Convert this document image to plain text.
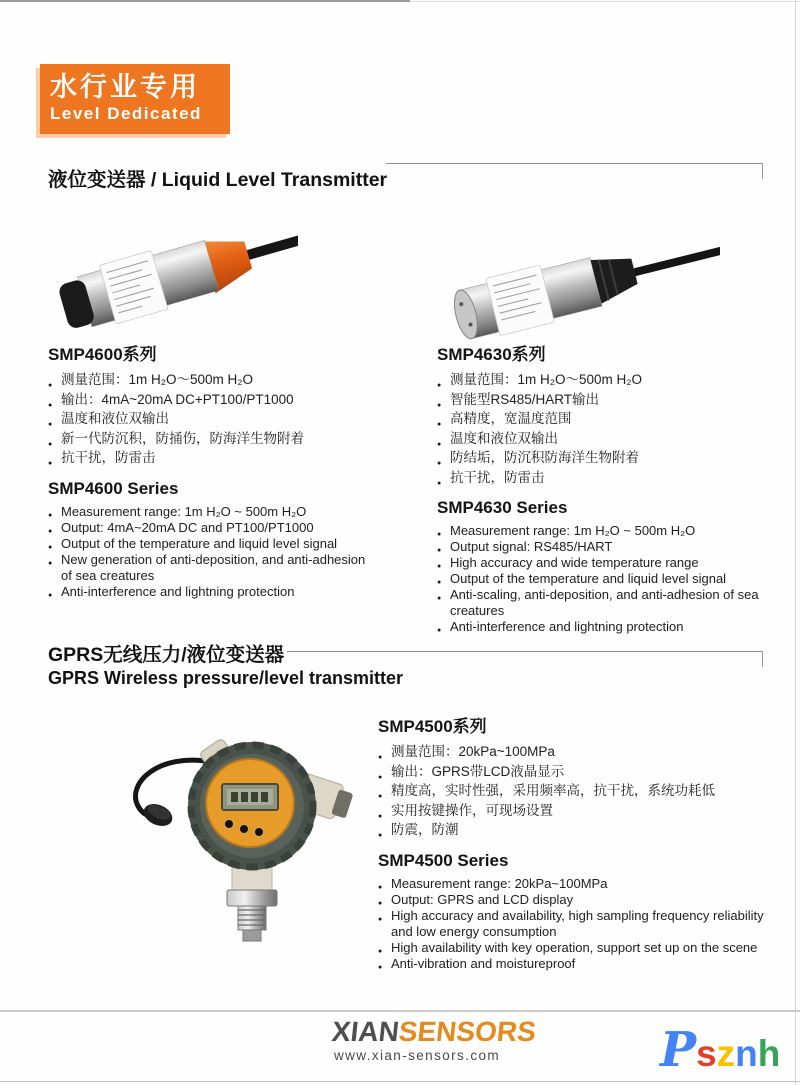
水行业专用
Level Dedicated
液位变送器 / Liquid Level Transmitter
SMP4600系列
● 测量范围：1m H₂O～500m H₂O
● 输出：4mA~20mA DC+PT100/PT1000
● 温度和液位双输出
● 新一代防沉积，防捅伤，防海洋生物附着
● 抗干扰，防雷击
SMP4600 Series
● Measurement range: 1m H₂O ~ 500m H₂O
● Output: 4mA~20mA DC and PT100/PT1000
● Output of the temperature and liquid level signal
● New generation of anti-deposition, and anti-adhesion of sea creatures
● Anti-interference and lightning protection
SMP4630系列
● 测量范围：1m H₂O～500m H₂O
● 智能型RS485/HART输出
● 高精度，宽温度范围
● 温度和液位双输出
● 防结垢，防沉积防海洋生物附着
● 抗干扰，防雷击
SMP4630 Series
● Measurement range: 1m H₂O ~ 500m H₂O
● Output signal: RS485/HART
● High accuracy and wide temperature range
● Output of the temperature and liquid level signal
● Anti-scaling, anti-deposition, and anti-adhesion of sea creatures
● Anti-interference and lightning protection
GPRS无线压力/液位变送器
GPRS Wireless pressure/level transmitter
SMP4500系列
● 测量范围：20kPa~100MPa
● 输出：GPRS带LCD液晶显示
● 精度高，实时性强，采用频率高，抗干扰，系统功耗低
● 实用按键操作，可现场设置
● 防震，防潮
SMP4500 Series
● Measurement range: 20kPa~100MPa
● Output: GPRS and LCD display
● High accuracy and availability, high sampling frequency reliability and low energy consumption
● High availability with key operation, support set up on the scene
● Anti-vibration and moistureproof
XIANSENSORS
www.xian-sensors.com	P s z n h
